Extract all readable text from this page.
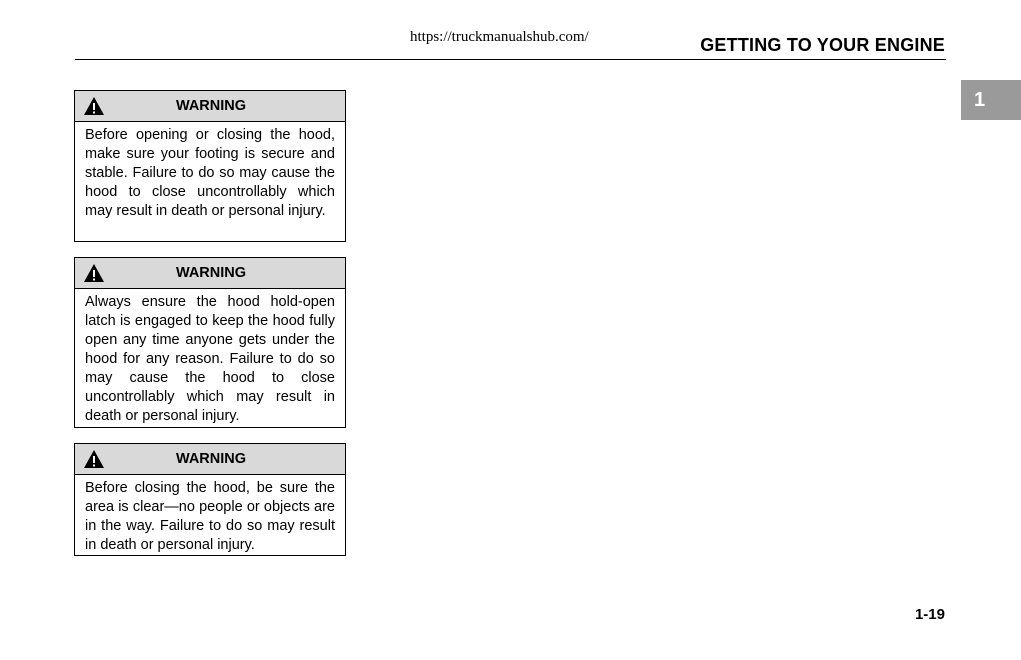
https://truckmanualshub.com/	GETTING TO YOUR ENGINE
1
WARNING
Before opening or closing the hood, make sure your footing is secure and stable. Failure to do so may cause the hood to close uncontrollably which may result in death or personal injury.
WARNING
Always ensure the hood hold-open latch is engaged to keep the hood fully open any time anyone gets under the hood for any reason. Failure to do so may cause the hood to close uncontrollably which may result in death or personal injury.
WARNING
Before closing the hood, be sure the area is clear—no people or objects are in the way. Failure to do so may result in death or personal injury.
1-19
